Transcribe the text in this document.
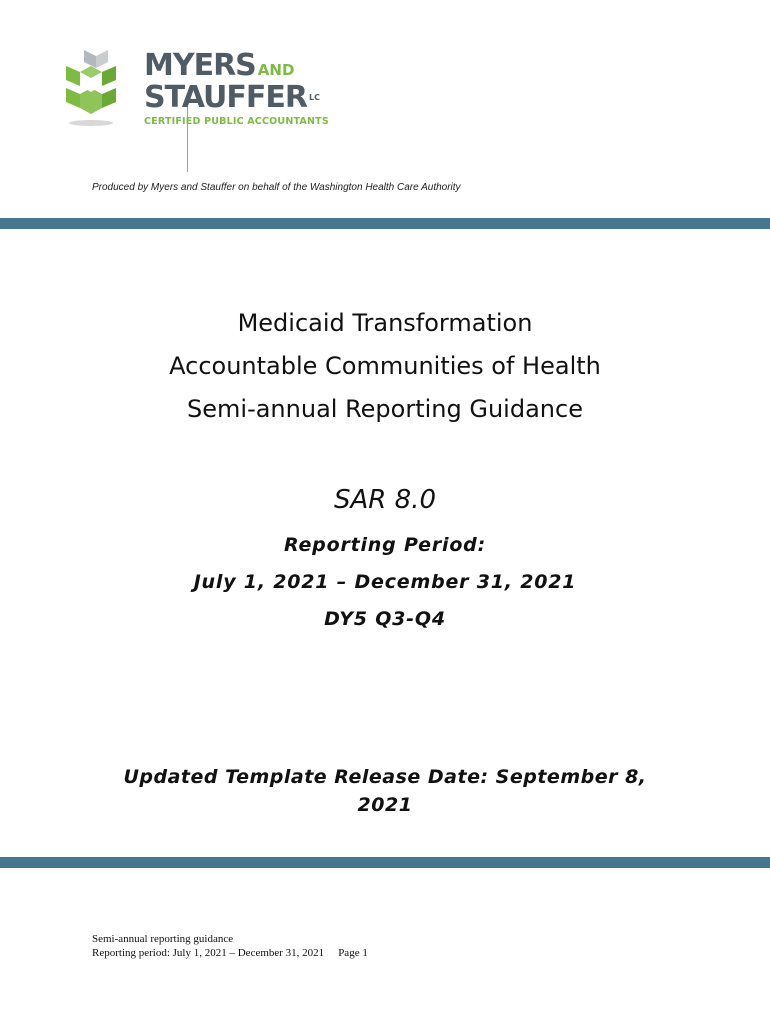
MYERS AND
STAUFFER $^{LC}$
CERTIFIED PUBLIC ACCOUNTANTS
Produced by Myers and Stauffer on behalf of the Washington Health Care Authority
Medicaid Transformation
Accountable Communities of Health
Semi-annual Reporting Guidance
SAR 8.0
Reporting Period:
July 1, 2021 – December 31, 2021
DY5 Q3-Q4
Updated Template Release Date: September 8,
2021
Semi-annual reporting guidance
Reporting period: July 1, 2021 – December 31, 2021 Page 1
